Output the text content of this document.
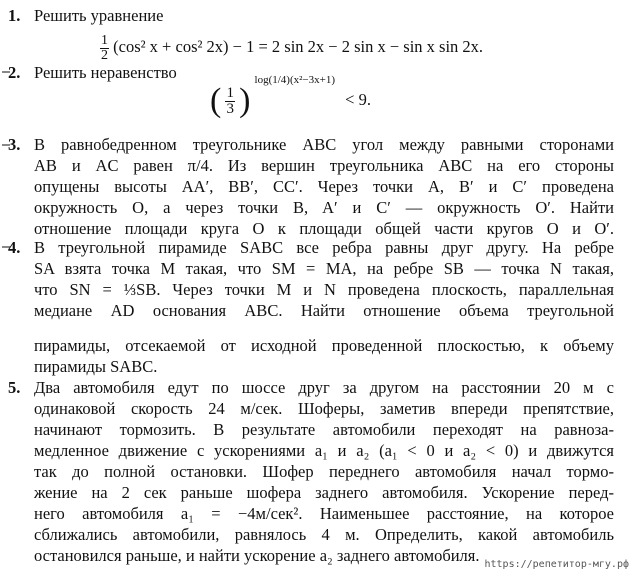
1. Решить уравнение
$\frac{1}{2} (\cos^2$ x + cos² 2x) − 1 = 2 sin 2x − 2 sin x − sin x sin 2x.
2. Решить неравенство
( $\frac{1}{3}$ ) $^{log(1/4)(x^2-3x+1)}$ < 9.
3. В равнобедренном треугольнике ABC угол между равными сторонами
AB и AC равен π/4. Из вершин треугольника ABC на его стороны
опущены высоты AA′, BB′, CC′. Через точки A, B′ и C′ проведена
окружность O, а через точки B, A′ и C′ — окружность O′. Найти
отношение площади круга O к площади общей части кругов O и O′.
4. В треугольной пирамиде SABC все ребра равны друг другу. На ребре
SA взята точка M такая, что SM = MA, на ребре SB — точка N такая,
что SN = ⅓SB. Через точки M и N проведена плоскость, параллельная
медиане AD основания ABC. Найти отношение объема треугольной
пирамиды, отсекаемой от исходной проведенной плоскостью, к объему
пирамиды SABC.
5. Два автомобиля едут по шоссе друг за другом на расстоянии 20 м с
одинаковой скорость 24 м/сек. Шоферы, заметив впереди препятствие,
начинают тормозить. В результате автомобили переходят на равноза-
медленное движение с ускорениями a₁ и a₂ (a₁ < 0 и a₂ < 0) и движутся
так до полной остановки. Шофер переднего автомобиля начал тормо-
жение на 2 сек раньше шофера заднего автомобиля. Ускорение перед-
него автомобиля a₁ = −4м/сек². Наименьшее расстояние, на которое
сближались автомобили, равнялось 4 м. Определить, какой автомобиль
остановился раньше, и найти ускорение a₂ заднего автомобиля. https://репетитор-мгу.рф
